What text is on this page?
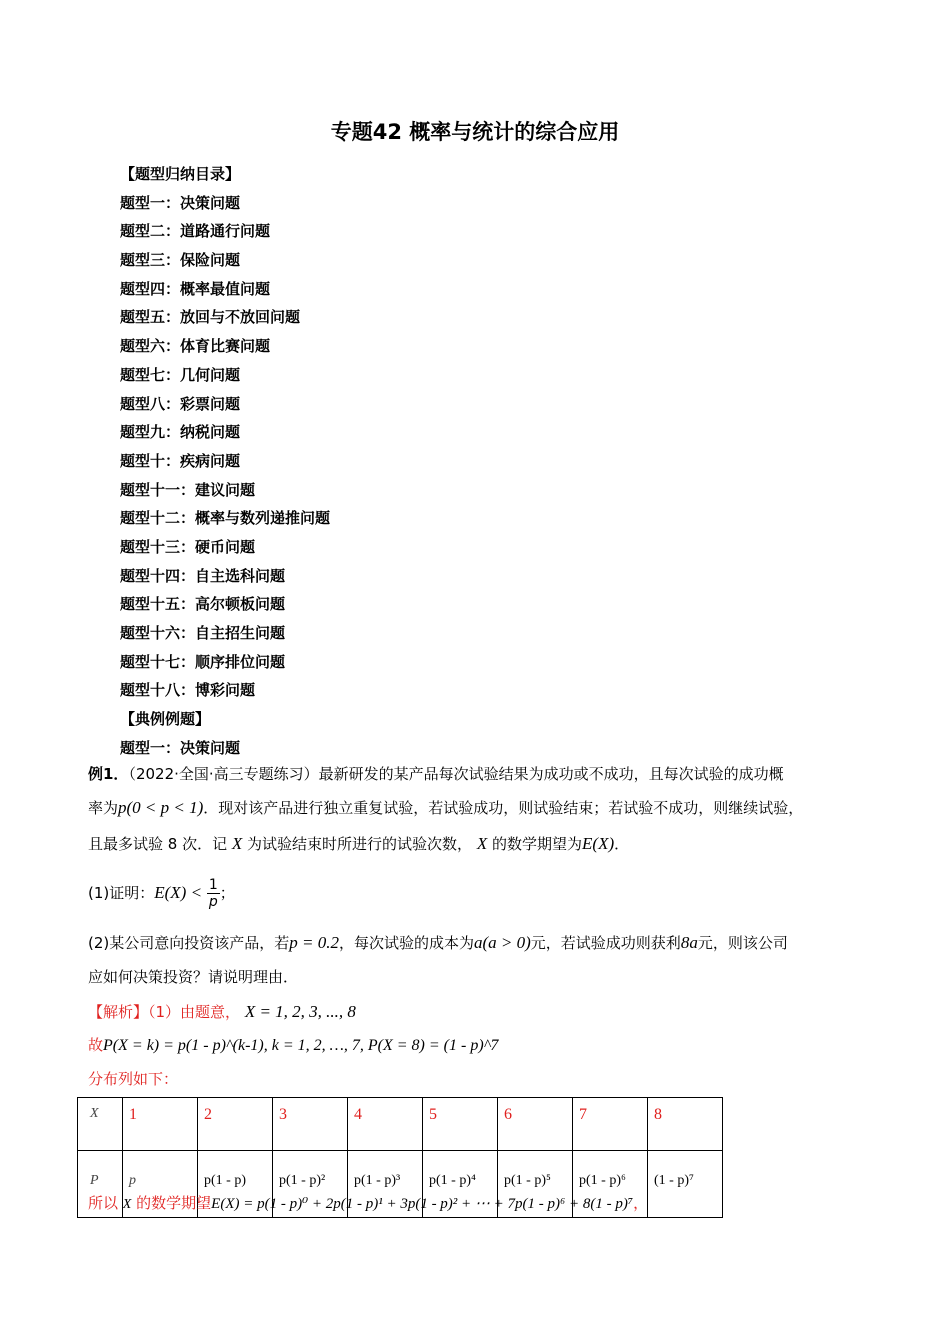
专题42 概率与统计的综合应用
【题型归纳目录】
题型一：决策问题
题型二：道路通行问题
题型三：保险问题
题型四：概率最值问题
题型五：放回与不放回问题
题型六：体育比赛问题
题型七：几何问题
题型八：彩票问题
题型九：纳税问题
题型十：疾病问题
题型十一：建议问题
题型十二：概率与数列递推问题
题型十三：硬币问题
题型十四：自主选科问题
题型十五：高尔顿板问题
题型十六：自主招生问题
题型十七：顺序排位问题
题型十八：博彩问题
【典例例题】
题型一：决策问题
例1．（2022·全国·高三专题练习）最新研发的某产品每次试验结果为成功或不成功，且每次试验的成功概
率为p(0 < p < 1)．现对该产品进行独立重复试验，若试验成功，则试验结束；若试验不成功，则继续试验，
且最多试验 8 次．记 X 为试验结束时所进行的试验次数， X 的数学期望为E(X)．
(1)证明：$E(X) < \frac{1}{p}$ ；
(2)某公司意向投资该产品，若p = 0.2，每次试验的成本为a(a > 0)元，若试验成功则获利8a元，则该公司
应如何决策投资？请说明理由．
【解析】（1）由题意， X = 1, 2, 3, ..., 8
故P(X = k) = p(1 - p)^(k-1), k = 1, 2, …, 7, P(X = 8) = (1 - p)^7
分布列如下：
X	1	2	3	4	5	6	7	8
P	p	p(1 - p)	p(1 - p)²	p(1 - p)³	p(1 - p)⁴	p(1 - p)⁵	p(1 - p)⁶	(1 - p)⁷
所以 X 的数学期望E(X) = p(1 - p)⁰ + 2p(1 - p)¹ + 3p(1 - p)² + ⋯ + 7p(1 - p)⁶ + 8(1 - p)⁷，
